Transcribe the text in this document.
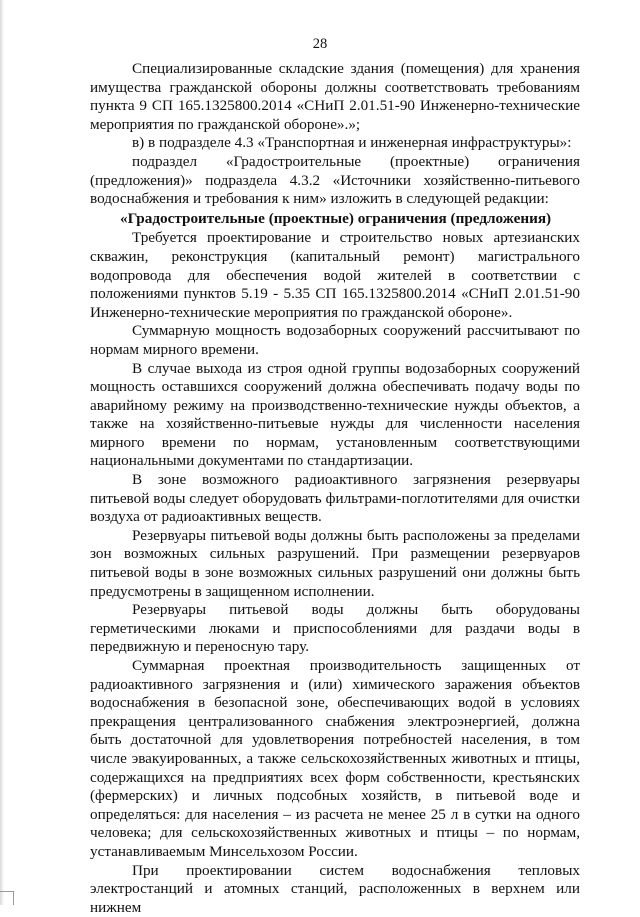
28

Специализированные складские здания (помещения) для хранения имущества гражданской обороны должны соответствовать требованиям пункта 9 СП 165.1325800.2014 «СНиП 2.01.51-90 Инженерно-технические мероприятия по гражданской обороне».»;

в) в подразделе 4.3 «Транспортная и инженерная инфраструктуры»:

подраздел «Градостроительные (проектные) ограничения (предложения)» подраздела 4.3.2 «Источники хозяйственно-питьевого водоснабжения и требования к ним» изложить в следующей редакции:

«Градостроительные (проектные) ограничения (предложения)

Требуется проектирование и строительство новых артезианских скважин, реконструкция (капитальный ремонт) магистрального водопровода для обеспечения водой жителей в соответствии с положениями пунктов 5.19 - 5.35 СП 165.1325800.2014 «СНиП 2.01.51-90 Инженерно-технические мероприятия по гражданской обороне».

Суммарную мощность водозаборных сооружений рассчитывают по нормам мирного времени.

В случае выхода из строя одной группы водозаборных сооружений мощность оставшихся сооружений должна обеспечивать подачу воды по аварийному режиму на производственно-технические нужды объектов, а также на хозяйственно-питьевые нужды для численности населения мирного времени по нормам, установленным соответствующими национальными документами по стандартизации.

В зоне возможного радиоактивного загрязнения резервуары питьевой воды следует оборудовать фильтрами-поглотителями для очистки воздуха от радиоактивных веществ.

Резервуары питьевой воды должны быть расположены за пределами зон возможных сильных разрушений. При размещении резервуаров питьевой воды в зоне возможных сильных разрушений они должны быть предусмотрены в защищенном исполнении.

Резервуары питьевой воды должны быть оборудованы герметическими люками и приспособлениями для раздачи воды в передвижную и переносную тару.

Суммарная проектная производительность защищенных от радиоактивного загрязнения и (или) химического заражения объектов водоснабжения в безопасной зоне, обеспечивающих водой в условиях прекращения централизованного снабжения электроэнергией, должна быть достаточной для удовлетворения потребностей населения, в том числе эвакуированных, а также сельскохозяйственных животных и птицы, содержащихся на предприятиях всех форм собственности, крестьянских (фермерских) и личных подсобных хозяйств, в питьевой воде и определяться: для населения – из расчета не менее 25 л в сутки на одного человека; для сельскохозяйственных животных и птицы – по нормам, устанавливаемым Минсельхозом России.

При проектировании систем водоснабжения тепловых электростанций и атомных станций, расположенных в верхнем или нижнем
